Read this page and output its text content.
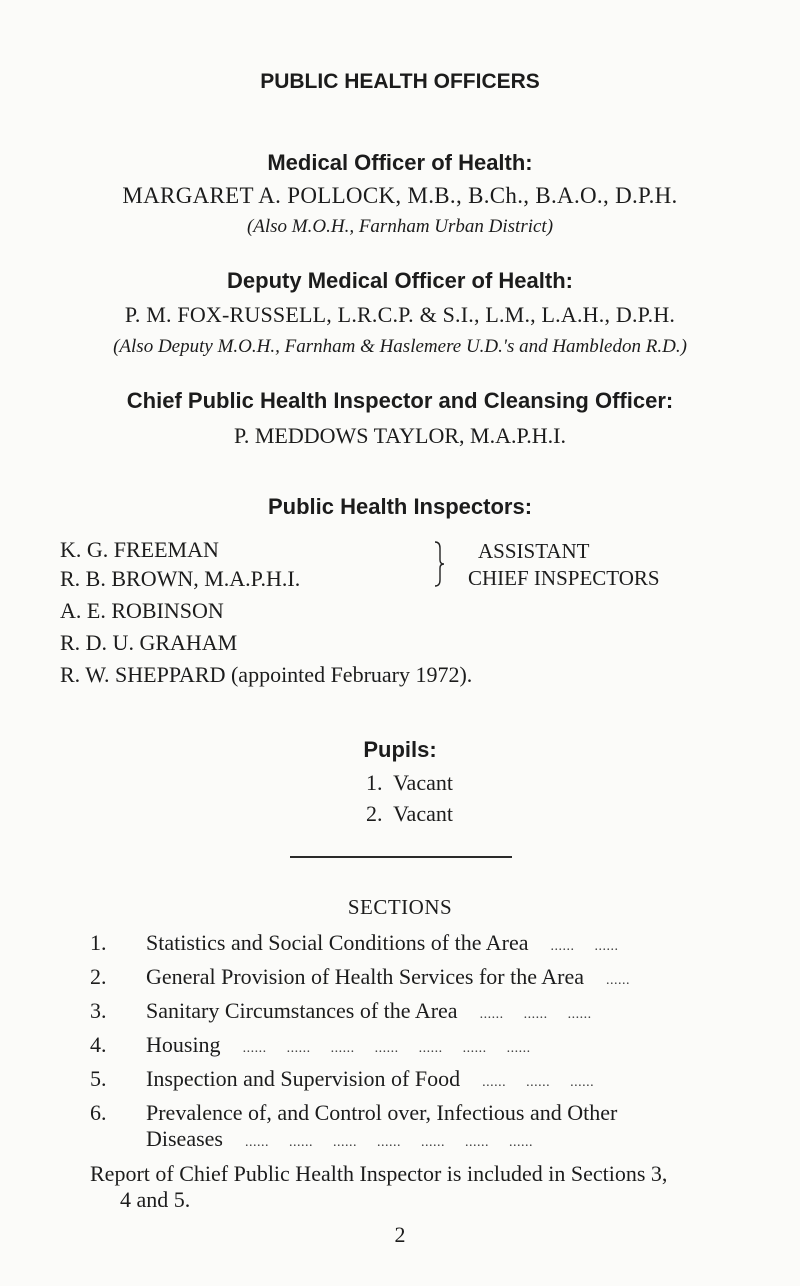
PUBLIC HEALTH OFFICERS
Medical Officer of Health:
MARGARET A. POLLOCK, M.B., B.Ch., B.A.O., D.P.H.
(Also M.O.H., Farnham Urban District)
Deputy Medical Officer of Health:
P. M. FOX-RUSSELL, L.R.C.P. & S.I., L.M., L.A.H., D.P.H.
(Also Deputy M.O.H., Farnham & Haslemere U.D.'s and Hambledon R.D.)
Chief Public Health Inspector and Cleansing Officer:
P. MEDDOWS TAYLOR, M.A.P.H.I.
Public Health Inspectors:
K. G. FREEMAN
R. B. BROWN, M.A.P.H.I.
A. E. ROBINSON
R. D. U. GRAHAM
R. W. SHEPPARD (appointed February 1972).
ASSISTANT
CHIEF INSPECTORS
Pupils:
1.  Vacant
2.  Vacant
SECTIONS
1. Statistics and Social Conditions of the Area ......     ......
2. General Provision of Health Services for the Area ......
3. Sanitary Circumstances of the Area ......     ......     ......
4. Housing ......     ......     ......     ......     ......     ......     ......
5. Inspection and Supervision of Food ......     ......     ......
6. Prevalence of, and Control over, Infectious and Other
Diseases ......     ......     ......     ......     ......     ......     ......
Report of Chief Public Health Inspector is included in Sections 3,
4 and 5.
2
